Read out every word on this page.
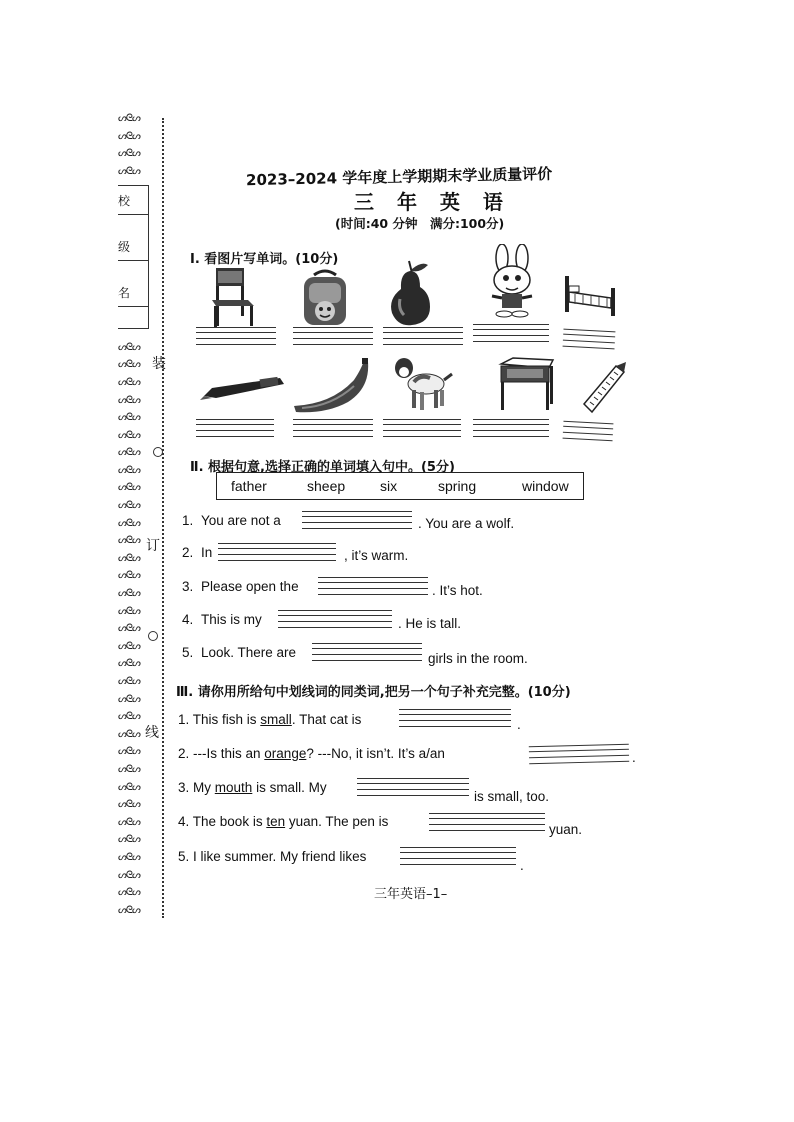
ᔕᘓᔕ
ᔕᘓᔕ
ᔕᘓᔕ
ᔕᘓᔕ
ᔕᘓᔕ
ᔕᘓᔕ
ᔕᘓᔕ
ᔕᘓᔕ
ᔕᘓᔕ
ᔕᘓᔕ
ᔕᘓᔕ
ᔕᘓᔕ
ᔕᘓᔕ
ᔕᘓᔕ
ᔕᘓᔕ
ᔕᘓᔕ
ᔕᘓᔕ
ᔕᘓᔕ
ᔕᘓᔕ
ᔕᘓᔕ
ᔕᘓᔕ
ᔕᘓᔕ
ᔕᘓᔕ
ᔕᘓᔕ
ᔕᘓᔕ
ᔕᘓᔕ
ᔕᘓᔕ
ᔕᘓᔕ
ᔕᘓᔕ
ᔕᘓᔕ
ᔕᘓᔕ
ᔕᘓᔕ
ᔕᘓᔕ
ᔕᘓᔕ
ᔕᘓᔕ
ᔕᘓᔕ
ᔕᘓᔕ
装
订
线
校
级
名
2023–2024 学年度上学期期末学业质量评价
三 年 英 语
(时间:40 分钟　满分:100分)
Ⅰ. 看图片写单词。(10分)
Ⅱ. 根据句意,选择正确的单词填入句中。(5分)
father	sheep six	spring	window
1. You are not a	. You are a wolf.
2. In	, it’s warm.
3. Please open the	. It’s hot.
4. This is my	. He is tall.
5. Look. There are	girls in the room.
Ⅲ. 请你用所给句中划线词的同类词,把另一个句子补充完整。(10分)
1. This fish is small. That cat is	.
2. ---Is this an orange? ---No, it isn’t. It’s a/an	.
3. My mouth is small. My
is small, too.
4. The book is ten yuan. The pen is
yuan.
5. I like summer. My friend likes
.
三年英语–1–
